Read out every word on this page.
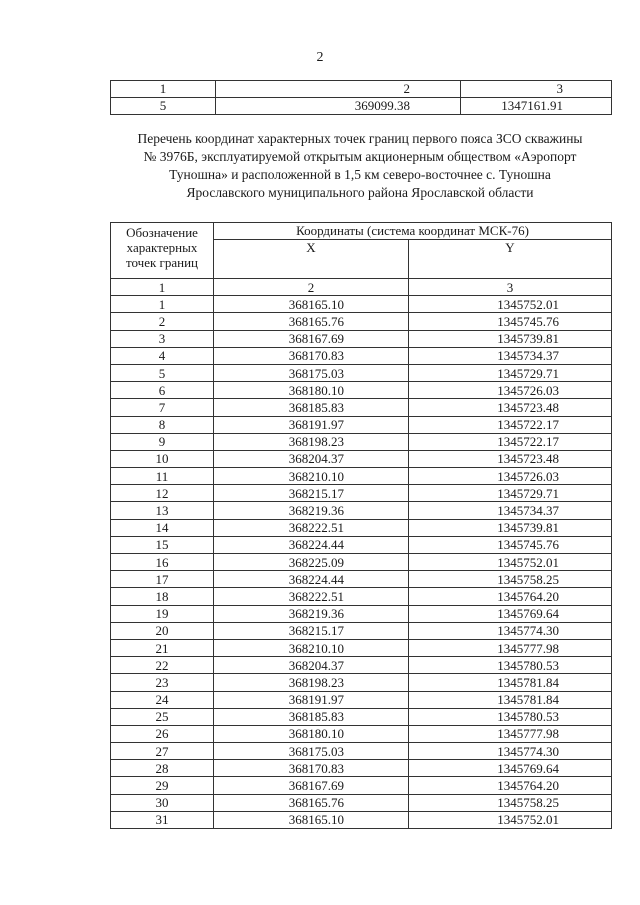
2
1	2	3
5	369099.38	1347161.91
Перечень координат характерных точек границ первого пояса ЗСО скважины
№ 3976Б, эксплуатируемой открытым акционерным обществом «Аэропорт
Туношна» и расположенной в 1,5 км северо-восточнее с. Туношна
Ярославского муниципального района Ярославской области
Обозначение
характерных
точек границ	Координаты (система координат МСК-76)	
	X	Y
1	2	3
1	368165.10	1345752.01
2	368165.76	1345745.76
3	368167.69	1345739.81
4	368170.83	1345734.37
5	368175.03	1345729.71
6	368180.10	1345726.03
7	368185.83	1345723.48
8	368191.97	1345722.17
9	368198.23	1345722.17
10	368204.37	1345723.48
11	368210.10	1345726.03
12	368215.17	1345729.71
13	368219.36	1345734.37
14	368222.51	1345739.81
15	368224.44	1345745.76
16	368225.09	1345752.01
17	368224.44	1345758.25
18	368222.51	1345764.20
19	368219.36	1345769.64
20	368215.17	1345774.30
21	368210.10	1345777.98
22	368204.37	1345780.53
23	368198.23	1345781.84
24	368191.97	1345781.84
25	368185.83	1345780.53
26	368180.10	1345777.98
27	368175.03	1345774.30
28	368170.83	1345769.64
29	368167.69	1345764.20
30	368165.76	1345758.25
31	368165.10	1345752.01
